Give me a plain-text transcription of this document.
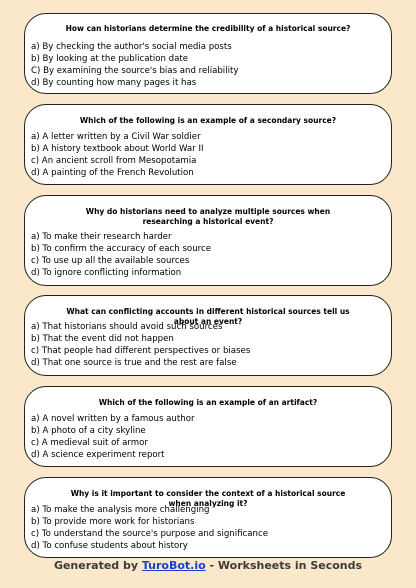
How can historians determine the credibility of a historical source?

a) By checking the author's social media posts
b) By looking at the publication date
C) By examining the source's bias and reliability
d) By counting how many pages it has

Which of the following is an example of a secondary source?

a) A letter written by a Civil War soldier
b) A history textbook about World War II
c) An ancient scroll from Mesopotamia
d) A painting of the French Revolution

Why do historians need to analyze multiple sources when researching a historical event?

a) To make their research harder
b) To confirm the accuracy of each source
c) To use up all the available sources
d) To ignore conflicting information

What can conflicting accounts in different historical sources tell us about an event?

a) That historians should avoid such sources
b) That the event did not happen
c) That people had different perspectives or biases
d) That one source is true and the rest are false

Which of the following is an example of an artifact?

a) A novel written by a famous author
b) A photo of a city skyline
c) A medieval suit of armor
d) A science experiment report

Why is it important to consider the context of a historical source when analyzing it?

a) To make the analysis more challenging
b) To provide more work for historians
c) To understand the source's purpose and significance
d) To confuse students about history
Generated by TuroBot.io - Worksheets in Seconds
